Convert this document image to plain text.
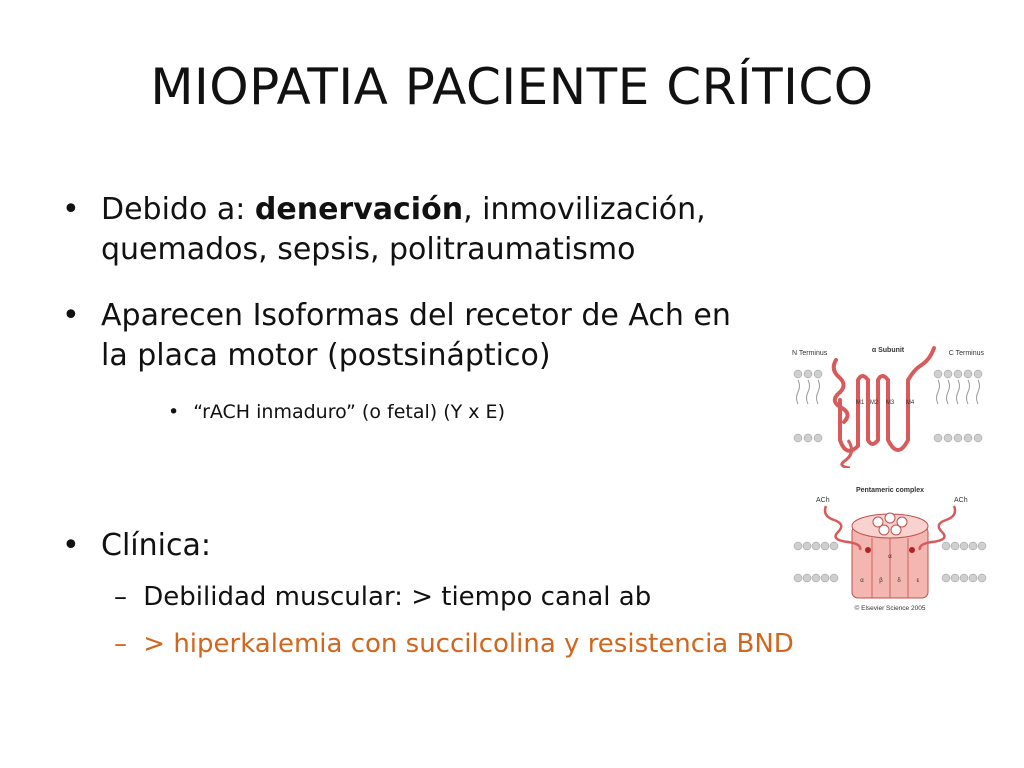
MIOPATIA PACIENTE CRÍTICO
• Debido a: denervación, inmovilización,
quemados, sepsis, politraumatismo
• Aparecen Isoformas del recetor de Ach en
la placa motor (postsináptico)
• “rACH inmaduro” (o fetal) (Y x E)
• Clínica:
– Debilidad muscular: > tiempo canal ab
– > hiperkalemia con succilcolina y resistencia BND
α Subunit
N Terminus	C Terminus
M1 M2 M3 M4
Pentameric complex
ACh	ACh
α	β δ	ε
α
© Elsevier Science 2005
